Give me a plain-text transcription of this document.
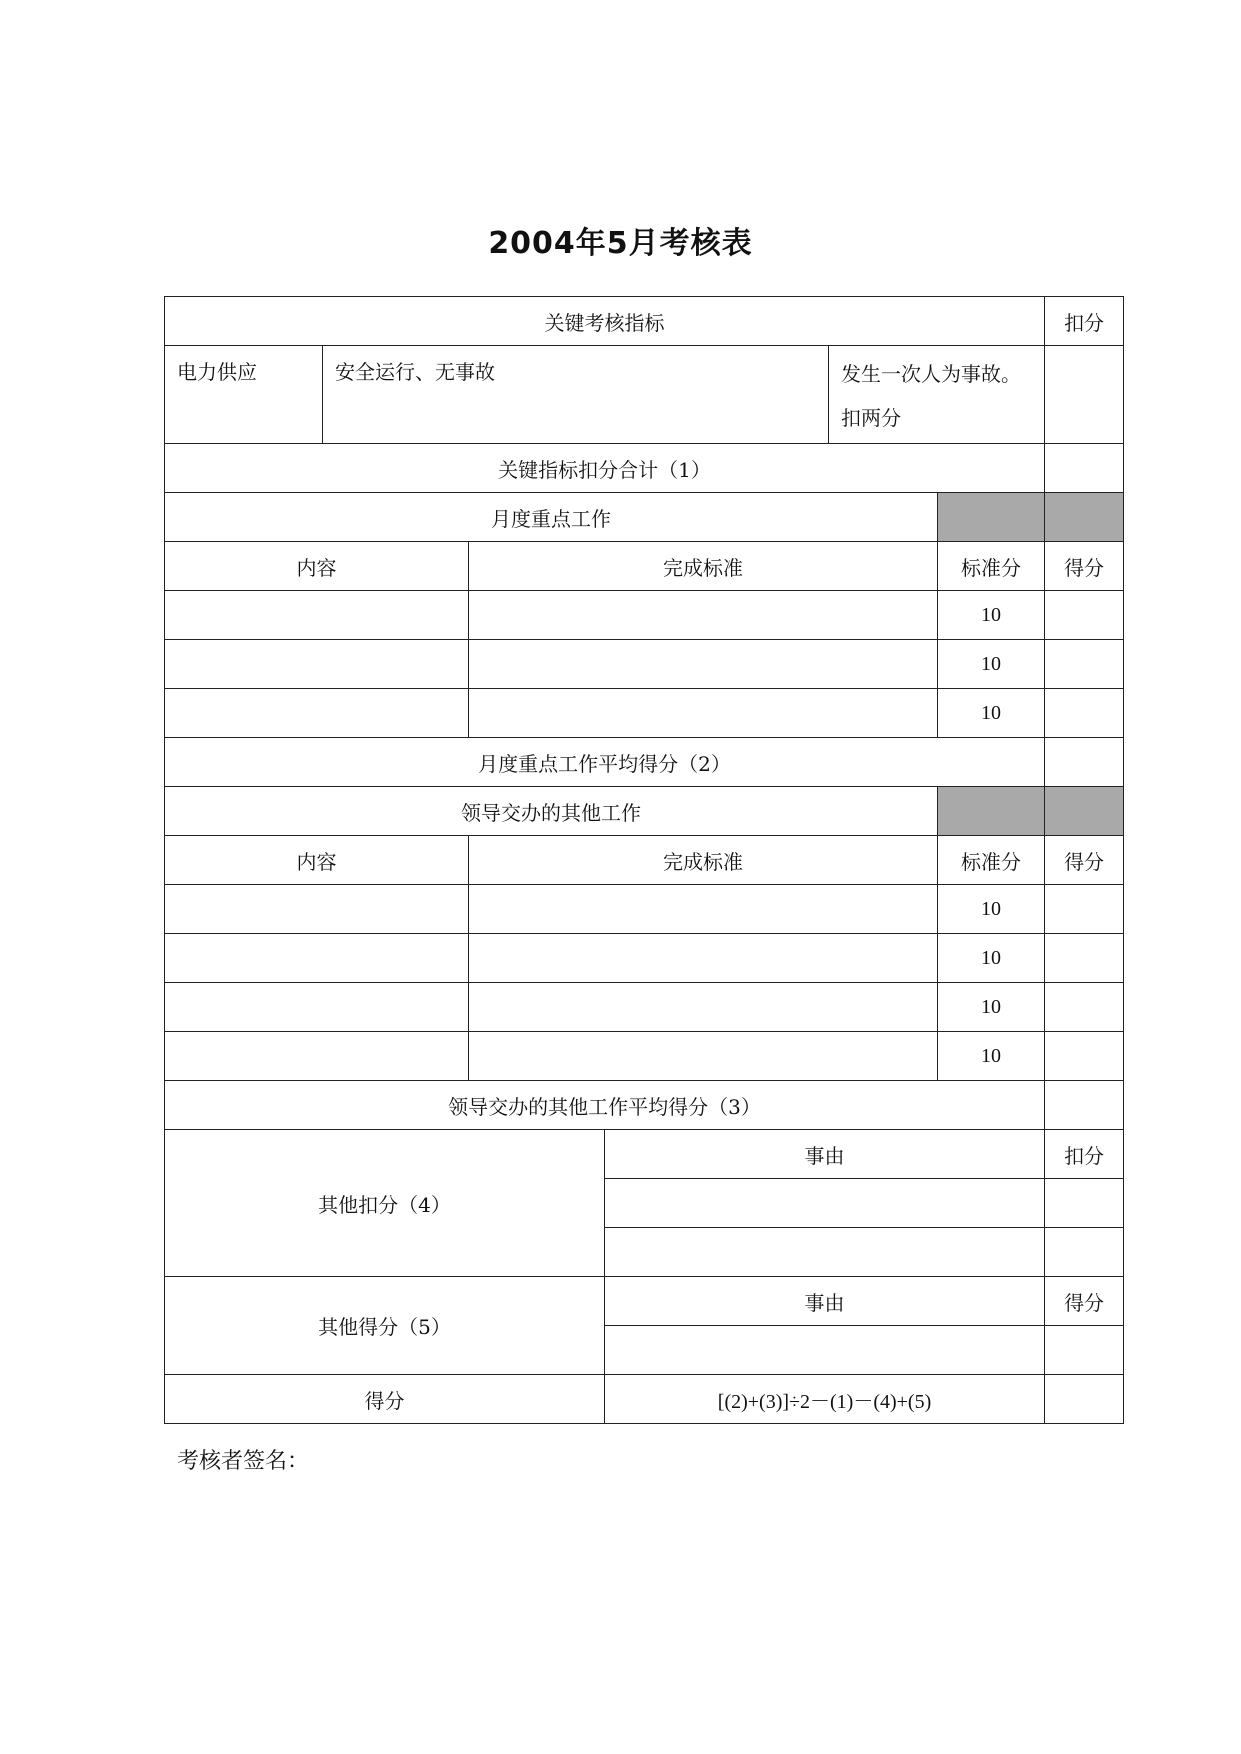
2004年5月考核表
关键考核指标						扣分
电力供应	安全运行、无事故			发生一次人为事故。
扣两分		

关键指标扣分合计（1）						
月度重点工作						
内容		完成标准			标准分	得分
					10	
					10	
					10	
月度重点工作平均得分（2）						
领导交办的其他工作						
内容		完成标准			标准分	得分
					10	
					10	
					10	
					10	
领导交办的其他工作平均得分（3）						
其他扣分（4）			事由			扣分

其他得分（5）			事由			得分

得分			[(2)+(3)]÷2－(1)－(4)+(5)			
考核者签名：
